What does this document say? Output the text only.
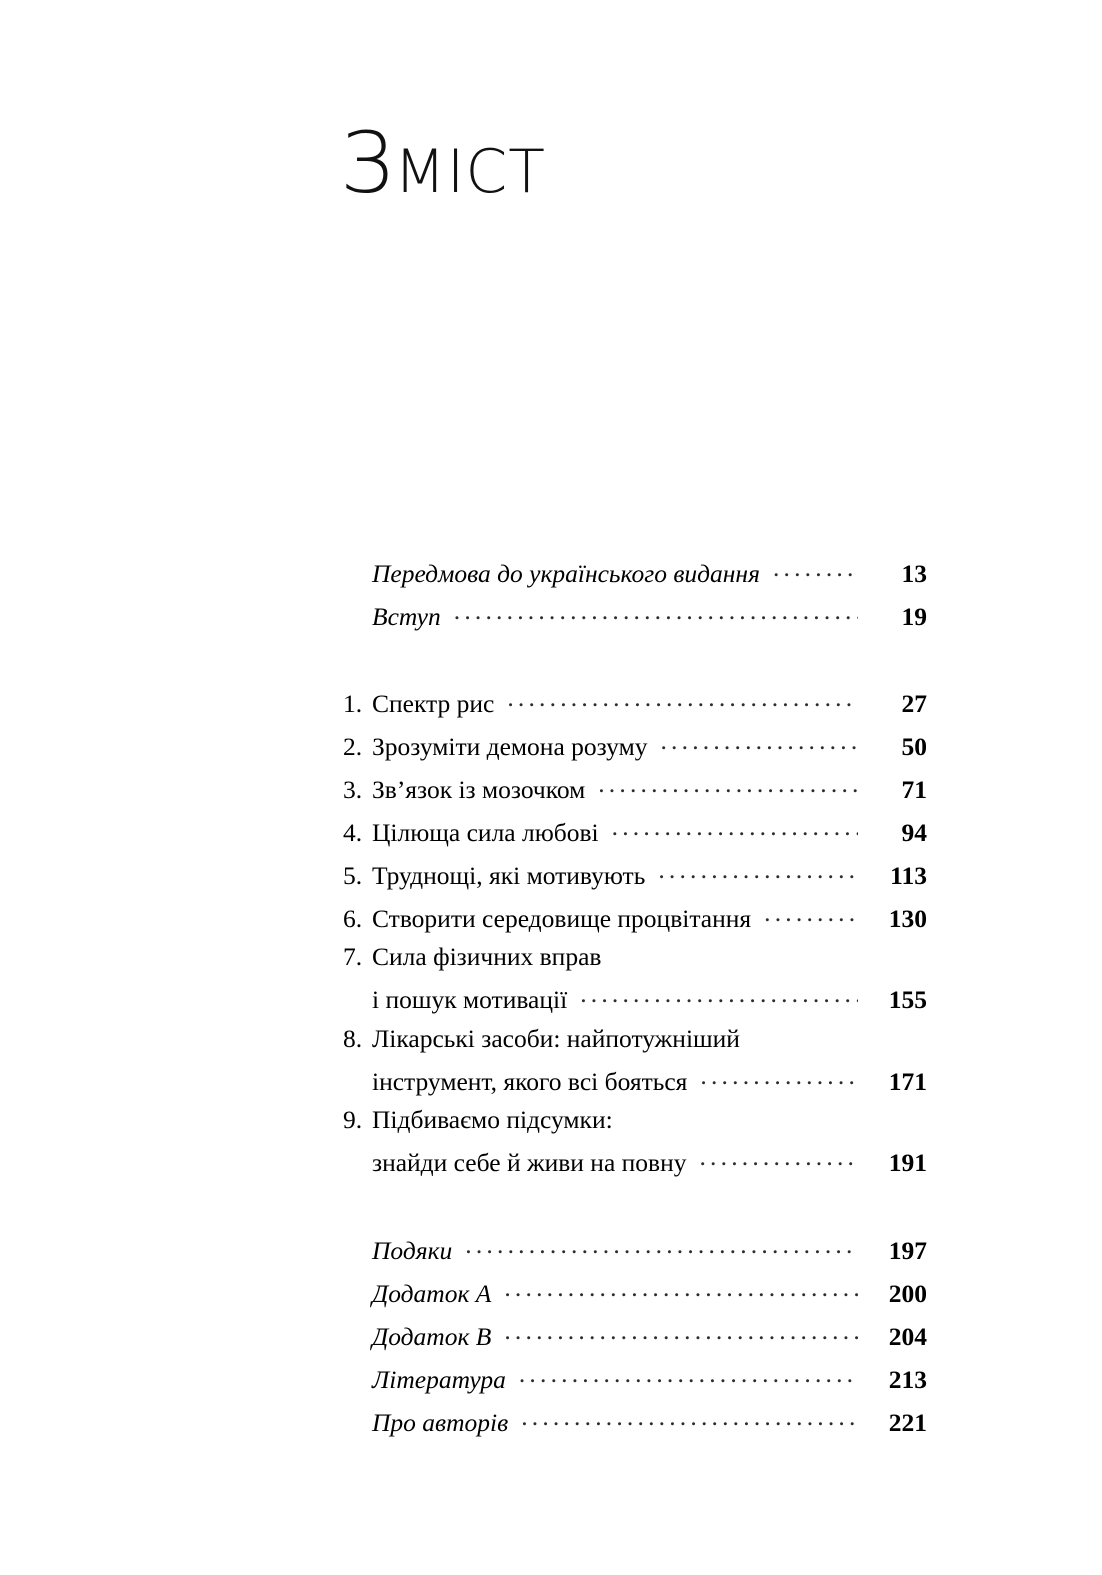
ЗМІСТ
Передмова до українського видання .....	13
Вступ .....	19
1. Спектр рис .....	27
2. Зрозуміти демона розуму .....	50
3. Зв’язок із мозочком .....	71
4. Цілюща сила любові .....	94
5. Труднощі, які мотивують .....	113
6. Створити середовище процвітання .....	130
7. Сила фізичних вправ
і пошук мотивації .....	155
8. Лікарські засоби: найпотужніший
інструмент, якого всі бояться .....	171
9. Підбиваємо підсумки:
знайди себе й живи на повну .....	191
Подяки .....	197
Додаток A .....	200
Додаток B .....	204
Література .....	213
Про авторів .....	221
